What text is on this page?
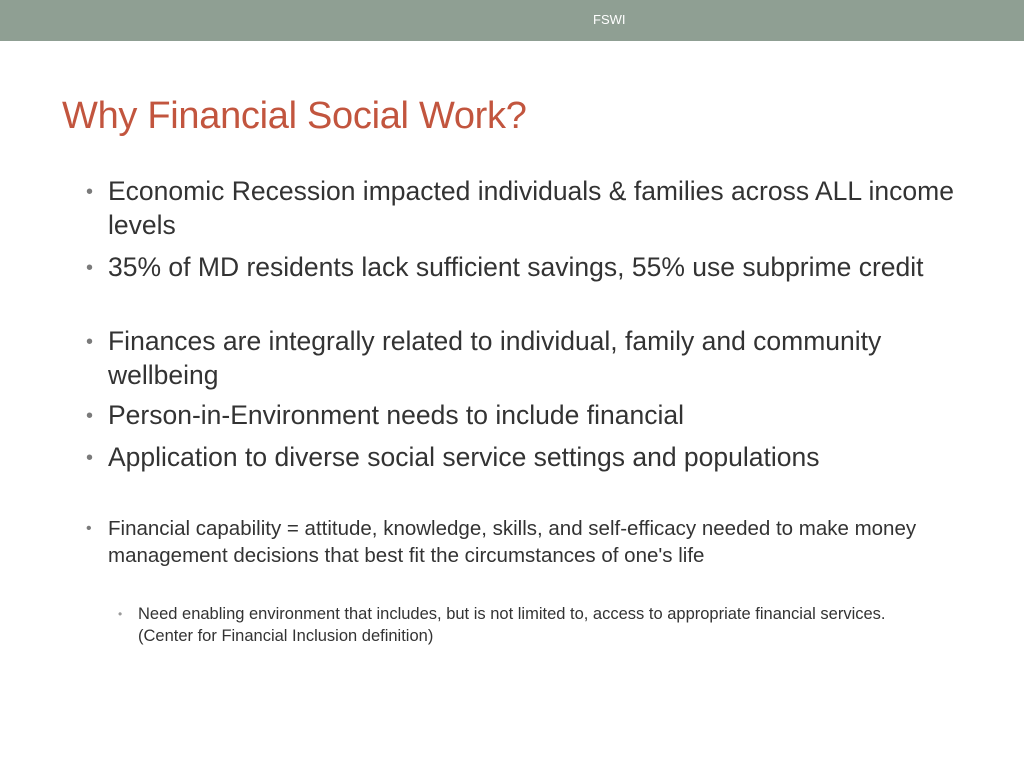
FSWI
Why Financial Social Work?
• Economic Recession impacted individuals & families across ALL income levels
• 35% of MD residents lack sufficient savings, 55% use subprime credit
• Finances are integrally related to individual, family and community wellbeing
• Person-in-Environment needs to include financial
• Application to diverse social service settings and populations
• Financial capability = attitude, knowledge, skills, and self-efficacy needed to make money management decisions that best fit the circumstances of one's life
• Need enabling environment that includes, but is not limited to, access to appropriate financial services. (Center for Financial Inclusion definition)
